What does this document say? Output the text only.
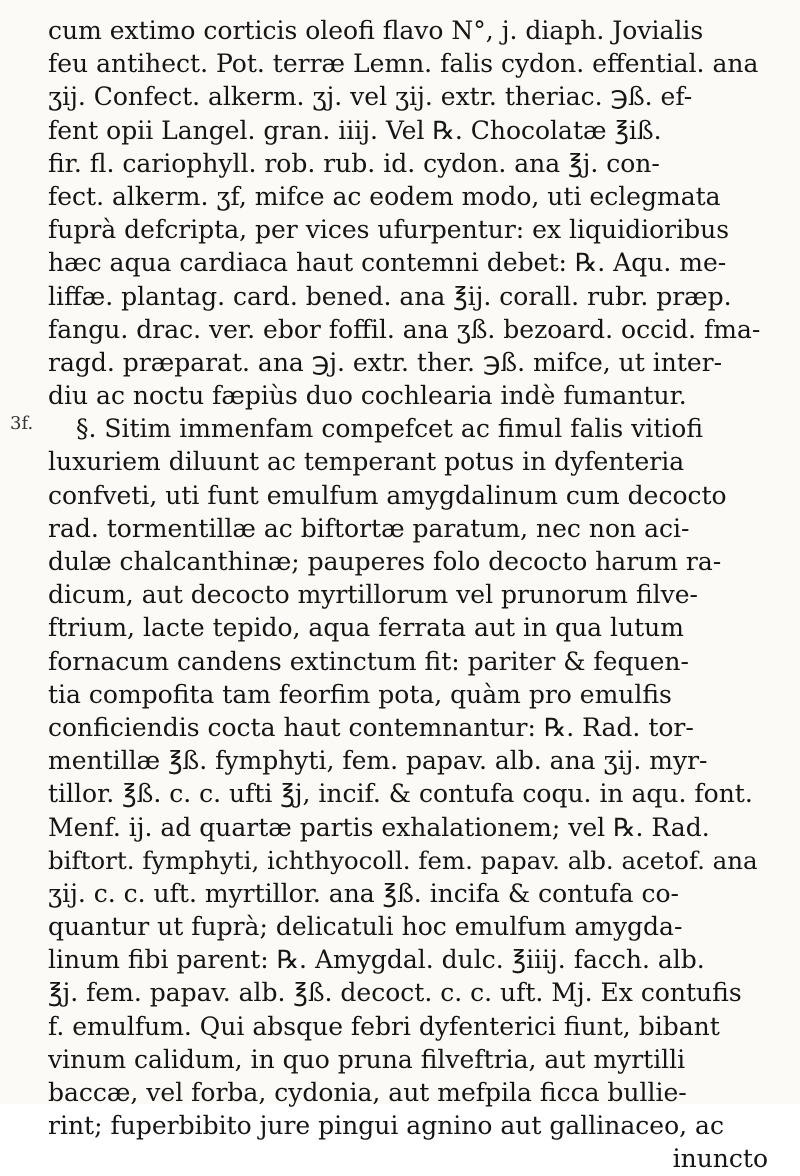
3f.
cum extimo corticis oleofi flavo N°, j. diaph. Jovialis
feu antihect. Pot. terræ Lemn. falis cydon. effential. ana
ʒij. Confect. alkerm. ʒj. vel ʒij. extr. theriac. ℈ß. ef-
fent opii Langel. gran. iiij. Vel ℞. Chocolatæ ℥iß.
fir. fl. cariophyll. rob. rub. id. cydon. ana ℥j. con-
fect. alkerm. ʒf, mifce ac eodem modo, uti eclegmata
fuprà defcripta, per vices ufurpentur: ex liquidioribus
hæc aqua cardiaca haut contemni debet: ℞. Aqu. me-
liffæ. plantag. card. bened. ana ℥ij. corall. rubr. præp.
fangu. drac. ver. ebor foffil. ana ʒß. bezoard. occid. fma-
ragd. præparat. ana ℈j. extr. ther. ℈ß. mifce, ut inter-
diu ac noctu fæpiùs duo cochlearia indè fumantur.
§. Sitim immenfam compefcet ac fimul falis vitiofi
luxuriem diluunt ac temperant potus in dyfenteria
confveti, uti funt emulfum amygdalinum cum decocto
rad. tormentillæ ac biftortæ paratum, nec non aci-
dulæ chalcanthinæ; pauperes folo decocto harum ra-
dicum, aut decocto myrtillorum vel prunorum filve-
ftrium, lacte tepido, aqua ferrata aut in qua lutum
fornacum candens extinctum fit: pariter & fequen-
tia compofita tam feorfim pota, quàm pro emulfis
conficiendis cocta haut contemnantur: ℞. Rad. tor-
mentillæ ℥ß. fymphyti, fem. papav. alb. ana ʒij. myr-
tillor. ℥ß. c. c. ufti ℥j, incif. & contufa coqu. in aqu. font.
Menf. ij. ad quartæ partis exhalationem; vel ℞. Rad.
biftort. fymphyti, ichthyocoll. fem. papav. alb. acetof. ana
ʒij. c. c. uft. myrtillor. ana ℥ß. incifa & contufa co-
quantur ut fuprà; delicatuli hoc emulfum amygda-
linum fibi parent: ℞. Amygdal. dulc. ℥iiij. facch. alb.
℥j. fem. papav. alb. ℥ß. decoct. c. c. uft. Mj. Ex contufis
f. emulfum. Qui absque febri dyfenterici fiunt, bibant
vinum calidum, in quo pruna filveftria, aut myrtilli
baccæ, vel forba, cydonia, aut mefpila ficca bullie-
rint; fuperbibito jure pingui agnino aut gallinaceo, ac
inuncto
